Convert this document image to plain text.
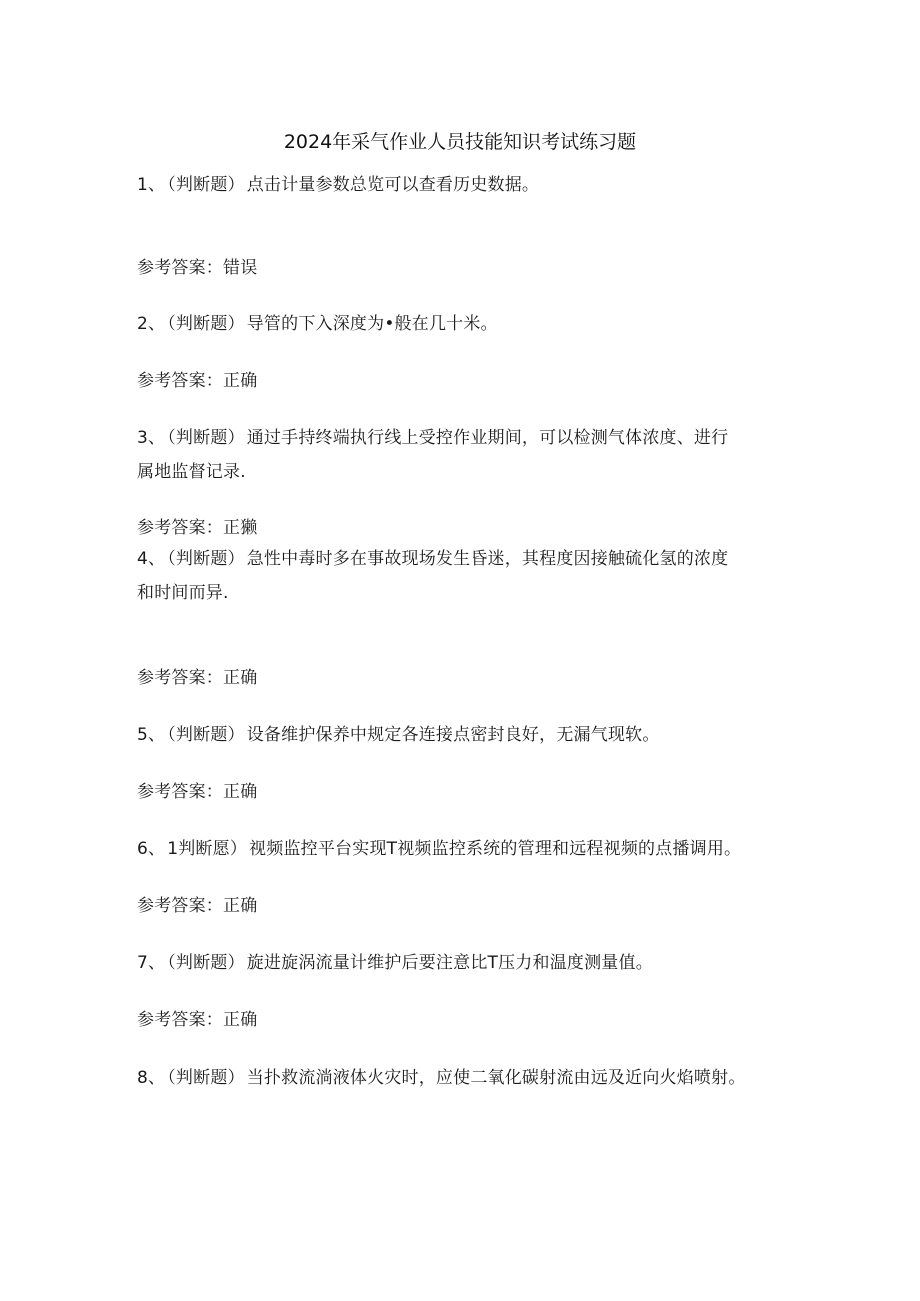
2024年采气作业人员技能知识考试练习题
1、 （判断题） 点击计量参数总览可以查看历史数据。
参考答案：错误
2、 （判断题） 导管的下入深度为•般在几十米。
参考答案：正确
3、 （判断题） 通过手持终端执行线上受控作业期间，可以检测气体浓度、进行
属地监督记录.
参考答案：正獭
4、 （判断题） 急性中毒时多在事故现场发生昏迷，其程度因接触硫化氢的浓度
和时间而异.
参考答案：正确
5、 （判断题） 设备维护保养中规定各连接点密封良好，无漏气现软。
参考答案：正确
6、 1判断愿） 视频监控平台实现T视频监控系统的管理和远程视频的点播调用。
参考答案：正确
7、 （判断题） 旋进旋涡流量计维护后要注意比T压力和温度测量值。
参考答案：正确
8、 （判断题） 当扑救流淌液体火灾时，应使二氧化碳射流由远及近向火焰喷射。
